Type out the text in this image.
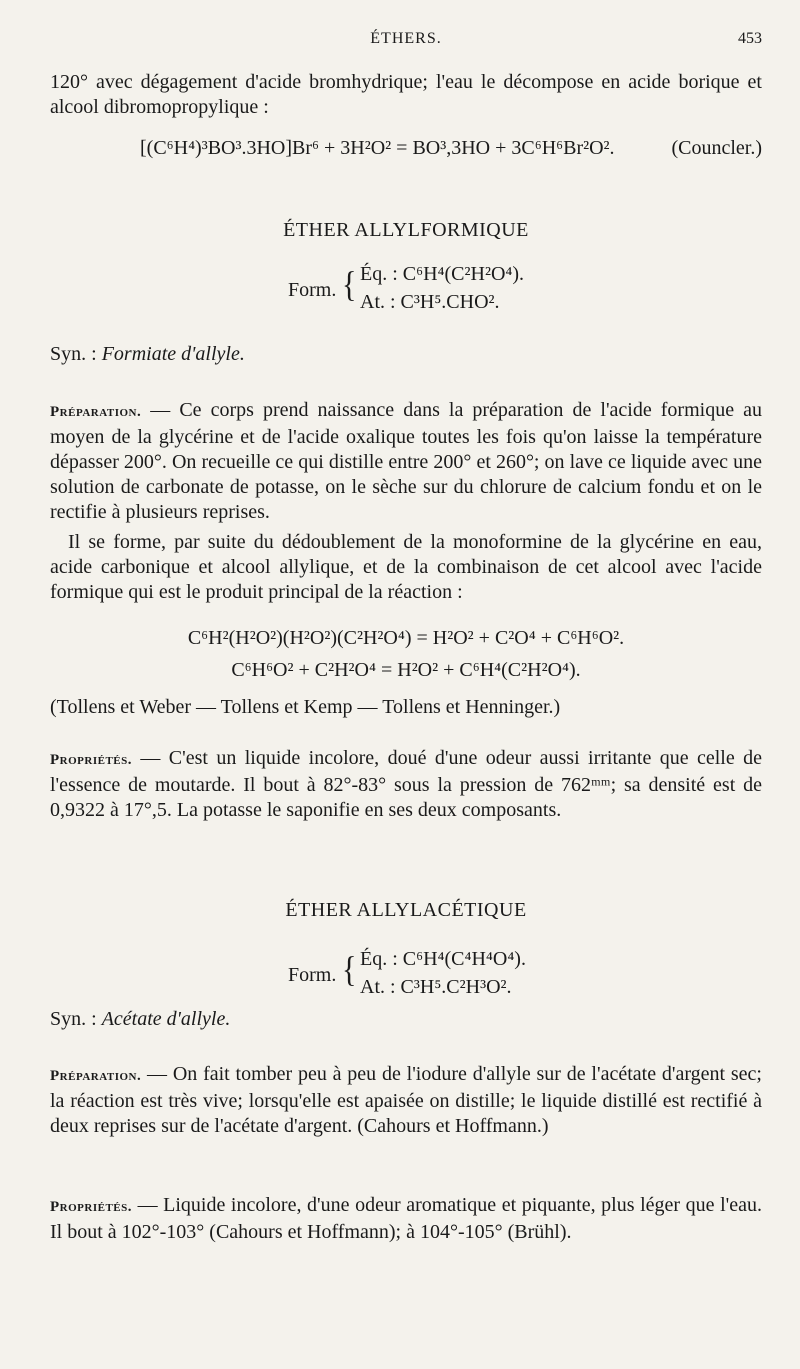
ÉTHERS.	453
120° avec dégagement d'acide bromhydrique; l'eau le décompose en acide borique et alcool dibromopropylique :
[(C⁶H⁴)³BO³.3HO]Br⁶ + 3H²O² = BO³,3HO + 3C⁶H⁶Br²O².	(Councler.)
ÉTHER ALLYLFORMIQUE
Form. { Éq. : C⁶H⁴(C²H²O⁴).
At. : C³H⁵.CHO².
Syn. : Formiate d'allyle.
Préparation. — Ce corps prend naissance dans la préparation de l'acide formique au moyen de la glycérine et de l'acide oxalique toutes les fois qu'on laisse la température dépasser 200°. On recueille ce qui distille entre 200° et 260°; on lave ce liquide avec une solution de carbonate de potasse, on le sèche sur du chlorure de calcium fondu et on le rectifie à plusieurs reprises.
Il se forme, par suite du dédoublement de la monoformine de la glycérine en eau, acide carbonique et alcool allylique, et de la combinaison de cet alcool avec l'acide formique qui est le produit principal de la réaction :
C⁶H²(H²O²)(H²O²)(C²H²O⁴) = H²O² + C²O⁴ + C⁶H⁶O².
C⁶H⁶O² + C²H²O⁴ = H²O² + C⁶H⁴(C²H²O⁴).
(Tollens et Weber — Tollens et Kemp — Tollens et Henninger.)
Propriétés. — C'est un liquide incolore, doué d'une odeur aussi irritante que celle de l'essence de moutarde. Il bout à 82°-83° sous la pression de 762ᵐᵐ; sa densité est de 0,9322 à 17°,5. La potasse le saponifie en ses deux composants.
ÉTHER ALLYLACÉTIQUE
Form. { Éq. : C⁶H⁴(C⁴H⁴O⁴).
At. : C³H⁵.C²H³O².
Syn. : Acétate d'allyle.
Préparation. — On fait tomber peu à peu de l'iodure d'allyle sur de l'acétate d'argent sec; la réaction est très vive; lorsqu'elle est apaisée on distille; le liquide distillé est rectifié à deux reprises sur de l'acétate d'argent. (Cahours et Hoffmann.)
Propriétés. — Liquide incolore, d'une odeur aromatique et piquante, plus léger que l'eau. Il bout à 102°-103° (Cahours et Hoffmann); à 104°-105° (Brühl).
